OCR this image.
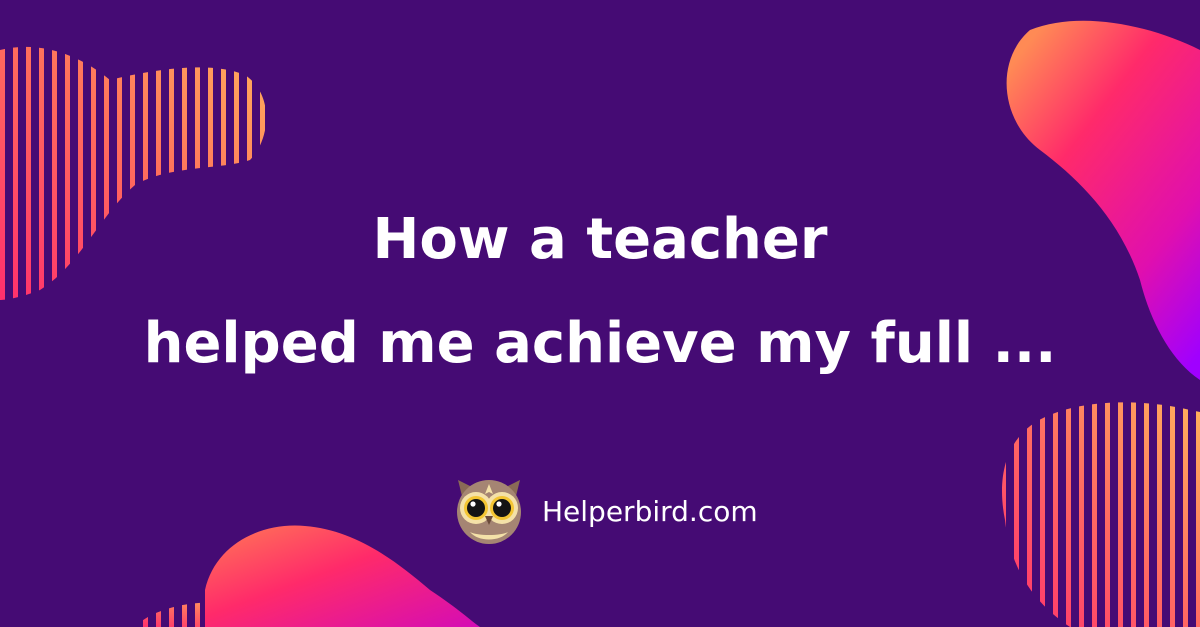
How a teacher
helped me achieve my full ...
Helperbird.com
